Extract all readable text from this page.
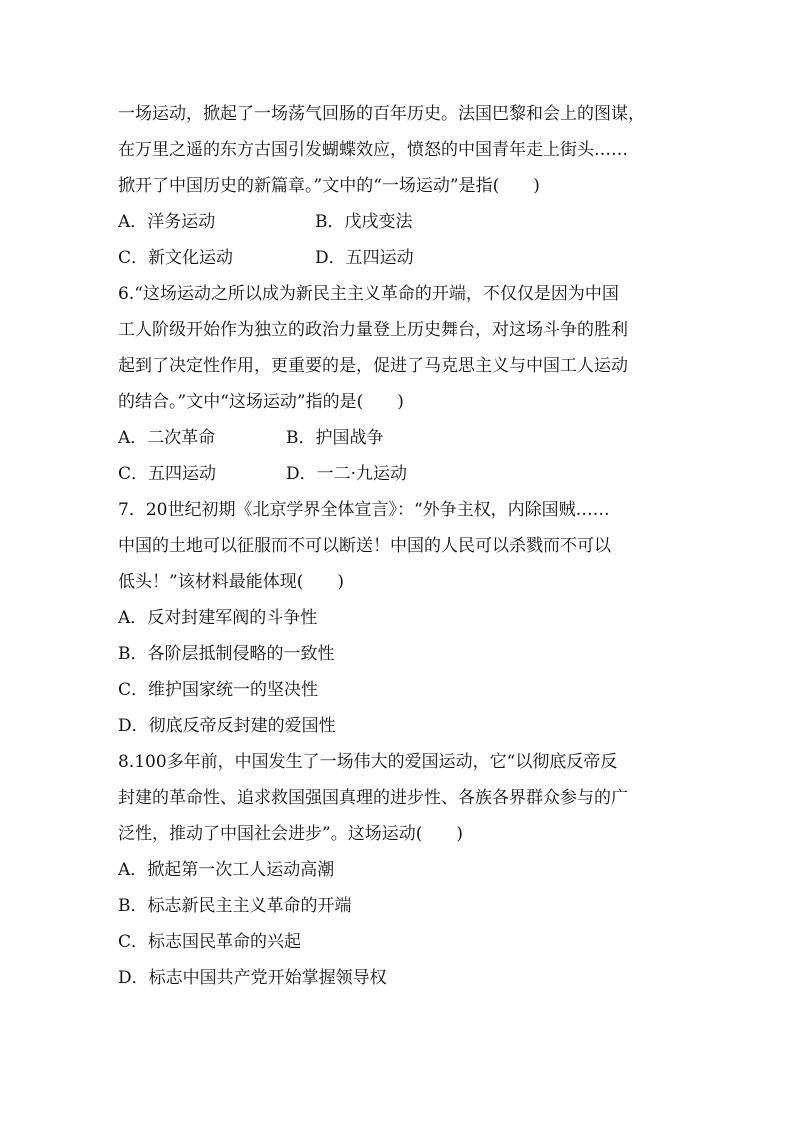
一场运动，掀起了一场荡气回肠的百年历史。法国巴黎和会上的图谋，
在万里之遥的东方古国引发蝴蝶效应，愤怒的中国青年走上街头……
掀开了中国历史的新篇章。”文中的“一场运动”是指(　　)
A．洋务运动	B．戊戌变法
C．新文化运动	D．五四运动
6.“这场运动之所以成为新民主主义革命的开端，不仅仅是因为中国
工人阶级开始作为独立的政治力量登上历史舞台，对这场斗争的胜利
起到了决定性作用，更重要的是，促进了马克思主义与中国工人运动
的结合。”文中“这场运动”指的是(　　)
A．二次革命	B．护国战争
C．五四运动	D．一二·九运动
7．20世纪初期《北京学界全体宣言》：“外争主权，内除国贼……
中国的土地可以征服而不可以断送！中国的人民可以杀戮而不可以
低头！”该材料最能体现(　　)
A．反对封建军阀的斗争性
B．各阶层抵制侵略的一致性
C．维护国家统一的坚决性
D．彻底反帝反封建的爱国性
8.100多年前，中国发生了一场伟大的爱国运动，它“以彻底反帝反
封建的革命性、追求救国强国真理的进步性、各族各界群众参与的广
泛性，推动了中国社会进步”。这场运动(　　)
A．掀起第一次工人运动高潮
B．标志新民主主义革命的开端
C．标志国民革命的兴起
D．标志中国共产党开始掌握领导权
